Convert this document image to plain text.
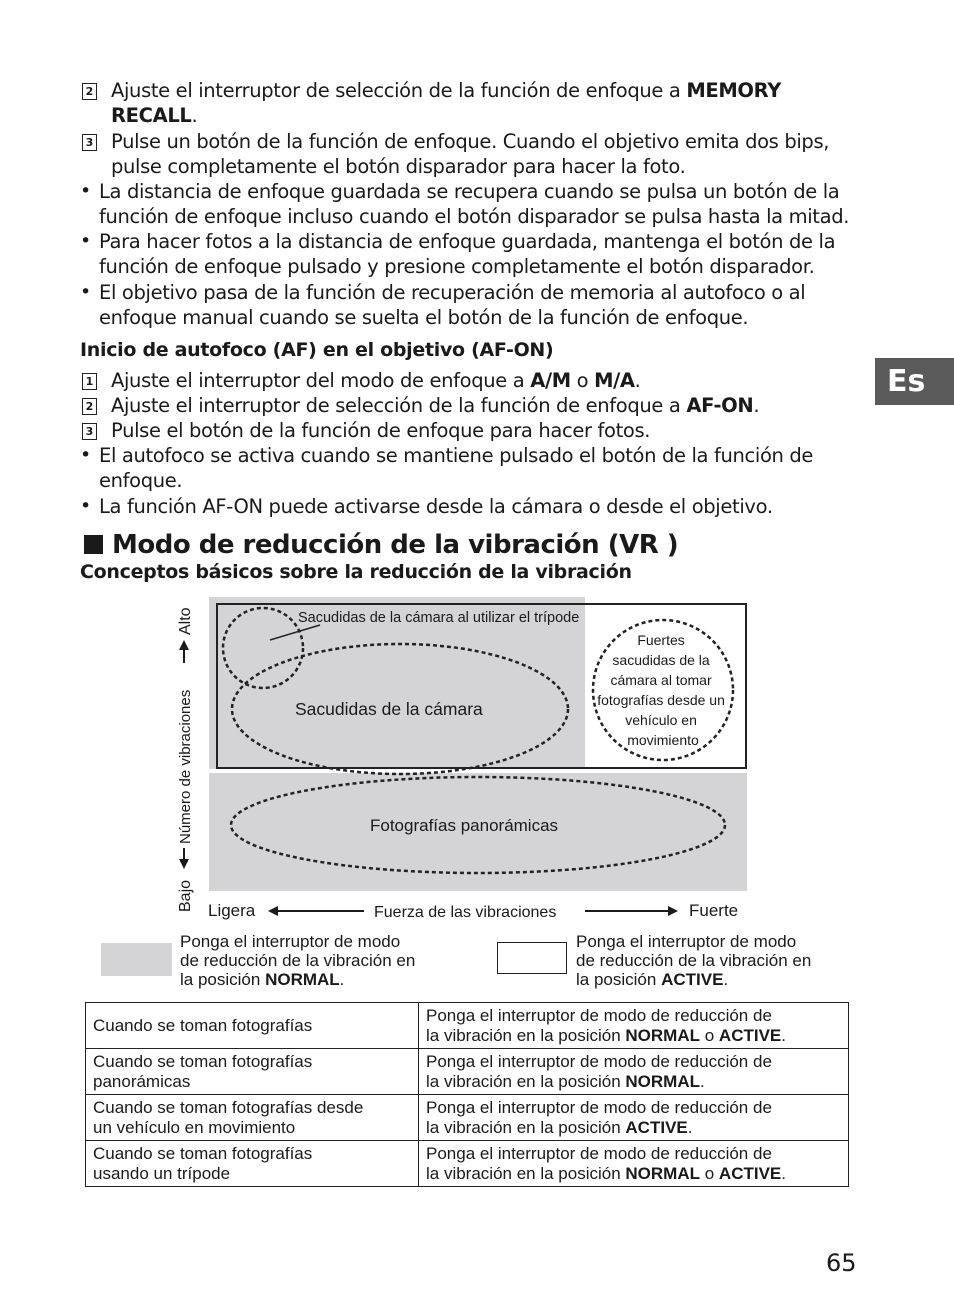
Es
65
2 Ajuste el interruptor de selección de la función de enfoque a MEMORY
RECALL.
3 Pulse un botón de la función de enfoque. Cuando el objetivo emita dos bips,
pulse completamente el botón disparador para hacer la foto.
• La distancia de enfoque guardada se recupera cuando se pulsa un botón de la
función de enfoque incluso cuando el botón disparador se pulsa hasta la mitad.
• Para hacer fotos a la distancia de enfoque guardada, mantenga el botón de la
función de enfoque pulsado y presione completamente el botón disparador.
• El objetivo pasa de la función de recuperación de memoria al autofoco o al
enfoque manual cuando se suelta el botón de la función de enfoque.
Inicio de autofoco (AF) en el objetivo (AF-ON)
1 Ajuste el interruptor del modo de enfoque a A/M o M/A.
2 Ajuste el interruptor de selección de la función de enfoque a AF-ON.
3 Pulse el botón de la función de enfoque para hacer fotos.
• El autofoco se activa cuando se mantiene pulsado el botón de la función de
enfoque.
• La función AF-ON puede activarse desde la cámara o desde el objetivo.
Modo de reducción de la vibración (VR )
Conceptos básicos sobre la reducción de la vibración
Sacudidas de la cámara al utilizar el trípode
Sacudidas de la cámara
Fuertes sacudidas de la cámara al tomar fotografías desde un vehículo en movimiento
Fotografías panorámicas
Bajo
Número de vibraciones
Alto
Ligera	Fuerza de las vibraciones	Fuerte
Ponga el interruptor de modo
de reducción de la vibración en
la posición NORMAL.
Ponga el interruptor de modo
de reducción de la vibración en
la posición ACTIVE.
Cuando se toman fotografías	Ponga el interruptor de modo de reducción de
la vibración en la posición NORMAL o ACTIVE.
Cuando se toman fotografías
panorámicas	Ponga el interruptor de modo de reducción de
la vibración en la posición NORMAL.
Cuando se toman fotografías desde
un vehículo en movimiento	Ponga el interruptor de modo de reducción de
la vibración en la posición ACTIVE.
Cuando se toman fotografías
usando un trípode	Ponga el interruptor de modo de reducción de
la vibración en la posición NORMAL o ACTIVE.
